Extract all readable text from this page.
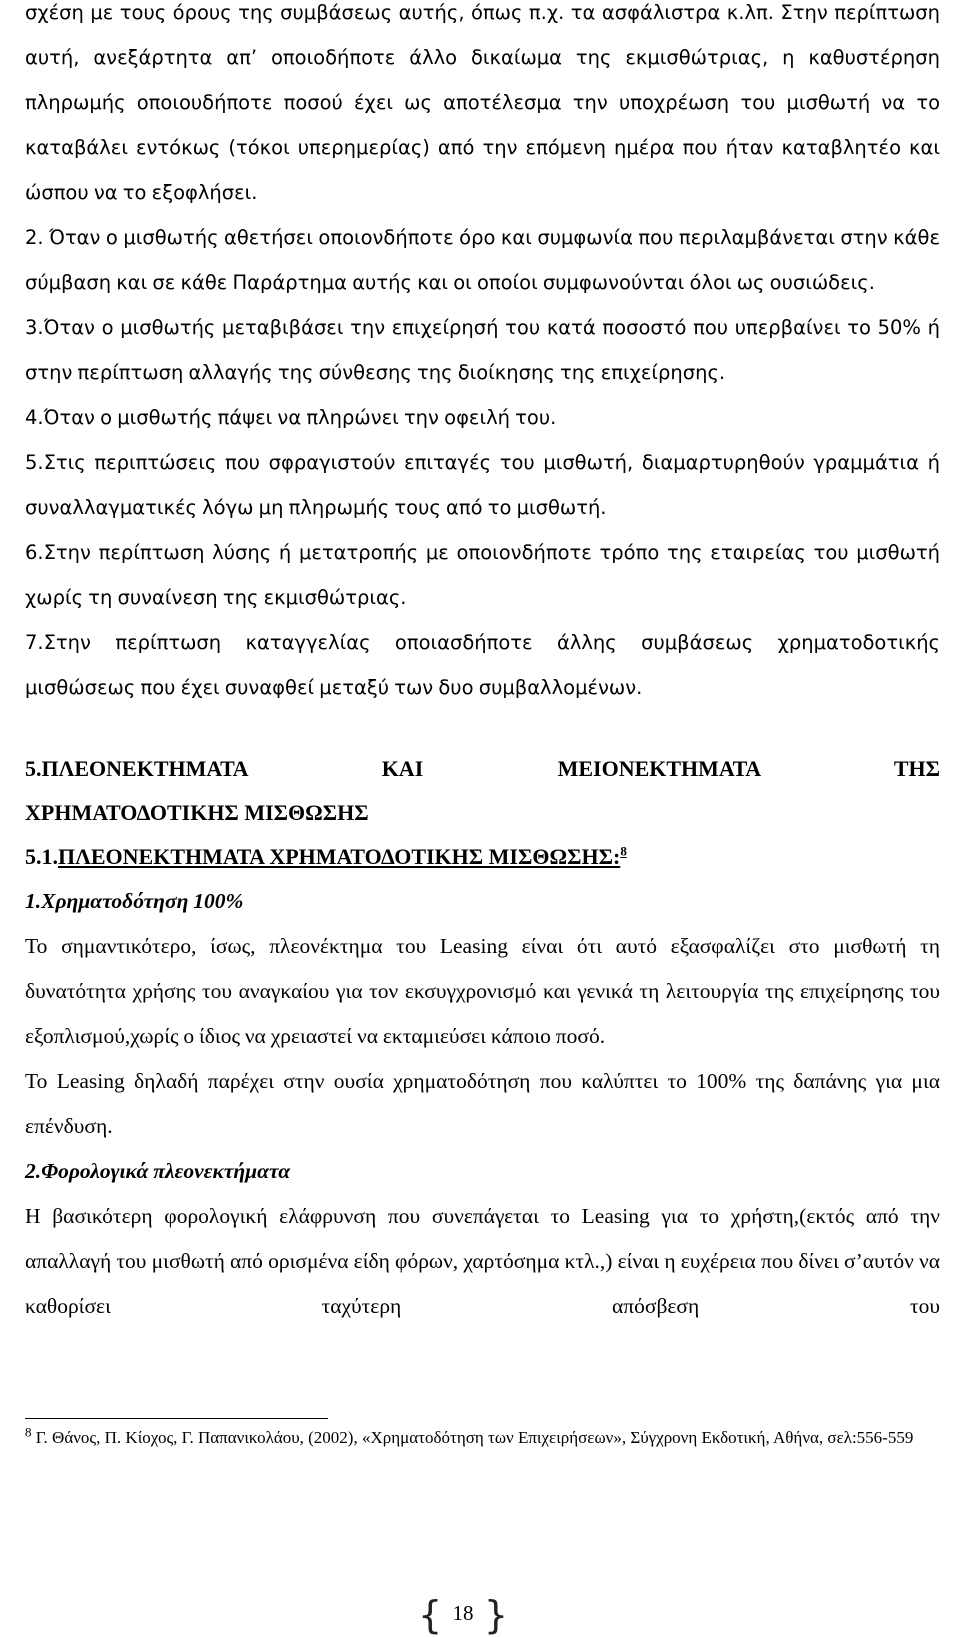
σχέση με τους όρους της συμβάσεως αυτής, όπως π.χ. τα ασφάλιστρα κ.λπ. Στην περίπτωση αυτή, ανεξάρτητα απ’ οποιοδήποτε άλλο δικαίωμα της εκμισθώτριας, η καθυστέρηση πληρωμής οποιουδήποτε ποσού έχει ως αποτέλεσμα την υποχρέωση του μισθωτή να το καταβάλει εντόκως (τόκοι υπερημερίας) από την επόμενη ημέρα που ήταν καταβλητέο και ώσπου να το εξοφλήσει.

2. Όταν ο μισθωτής αθετήσει οποιονδήποτε όρο και συμφωνία που περιλαμβάνεται στην κάθε σύμβαση και σε κάθε Παράρτημα αυτής και οι οποίοι συμφωνούνται όλοι ως ουσιώδεις.

3.Όταν ο μισθωτής μεταβιβάσει την επιχείρησή του κατά ποσοστό που υπερβαίνει το 50% ή στην περίπτωση αλλαγής της σύνθεσης της διοίκησης της επιχείρησης.

4.Όταν ο μισθωτής πάψει να πληρώνει την οφειλή του.

5.Στις περιπτώσεις που σφραγιστούν επιταγές του μισθωτή, διαμαρτυρηθούν γραμμάτια ή συναλλαγματικές λόγω μη πληρωμής τους από το μισθωτή.

6.Στην περίπτωση λύσης ή μετατροπής με οποιονδήποτε τρόπο της εταιρείας του μισθωτή χωρίς τη συναίνεση της εκμισθώτριας.

7.Στην περίπτωση καταγγελίας οποιασδήποτε άλλης συμβάσεως χρηματοδοτικής μισθώσεως που έχει συναφθεί μεταξύ των δυο συμβαλλομένων.

5.ΠΛΕΟΝΕΚΤΗΜΑΤΑ ΚΑΙ ΜΕΙΟΝΕΚΤΗΜΑΤΑ ΤΗΣ

ΧΡΗΜΑΤΟΔΟΤΙΚΗΣ ΜΙΣΘΩΣΗΣ

5.1.ΠΛΕΟΝΕΚΤΗΜΑΤΑ ΧΡΗΜΑΤΟΔΟΤΙΚΗΣ ΜΙΣΘΩΣΗΣ:$^8$

1.Χρηματοδότηση 100%

Το σημαντικότερο, ίσως, πλεονέκτημα του Leasing είναι ότι αυτό εξασφαλίζει στο μισθωτή τη δυνατότητα χρήσης του αναγκαίου για τον εκσυγχρονισμό και γενικά τη λειτουργία της επιχείρησης του εξοπλισμού,χωρίς ο ίδιος να χρειαστεί να εκταμιεύσει κάποιο ποσό.

Το Leasing δηλαδή παρέχει στην ουσία χρηματοδότηση που καλύπτει το 100% της δαπάνης για μια επένδυση.

2.Φορολογικά πλεονεκτήματα

Η βασικότερη φορολογική ελάφρυνση που συνεπάγεται το Leasing για το χρήστη,(εκτός από την απαλλαγή του μισθωτή από ορισμένα είδη φόρων, χαρτόσημα κτλ.,) είναι η ευχέρεια που δίνει σ’αυτόν να καθορίσει ταχύτερη απόσβεση του

$^8$ Γ. Θάνος, Π. Κίοχος, Γ. Παπανικολάου, (2002), «Χρηματοδότηση των Επιχειρήσεων», Σύγχρονη Εκδοτική, Αθήνα, σελ:556-559
{ 18 }
